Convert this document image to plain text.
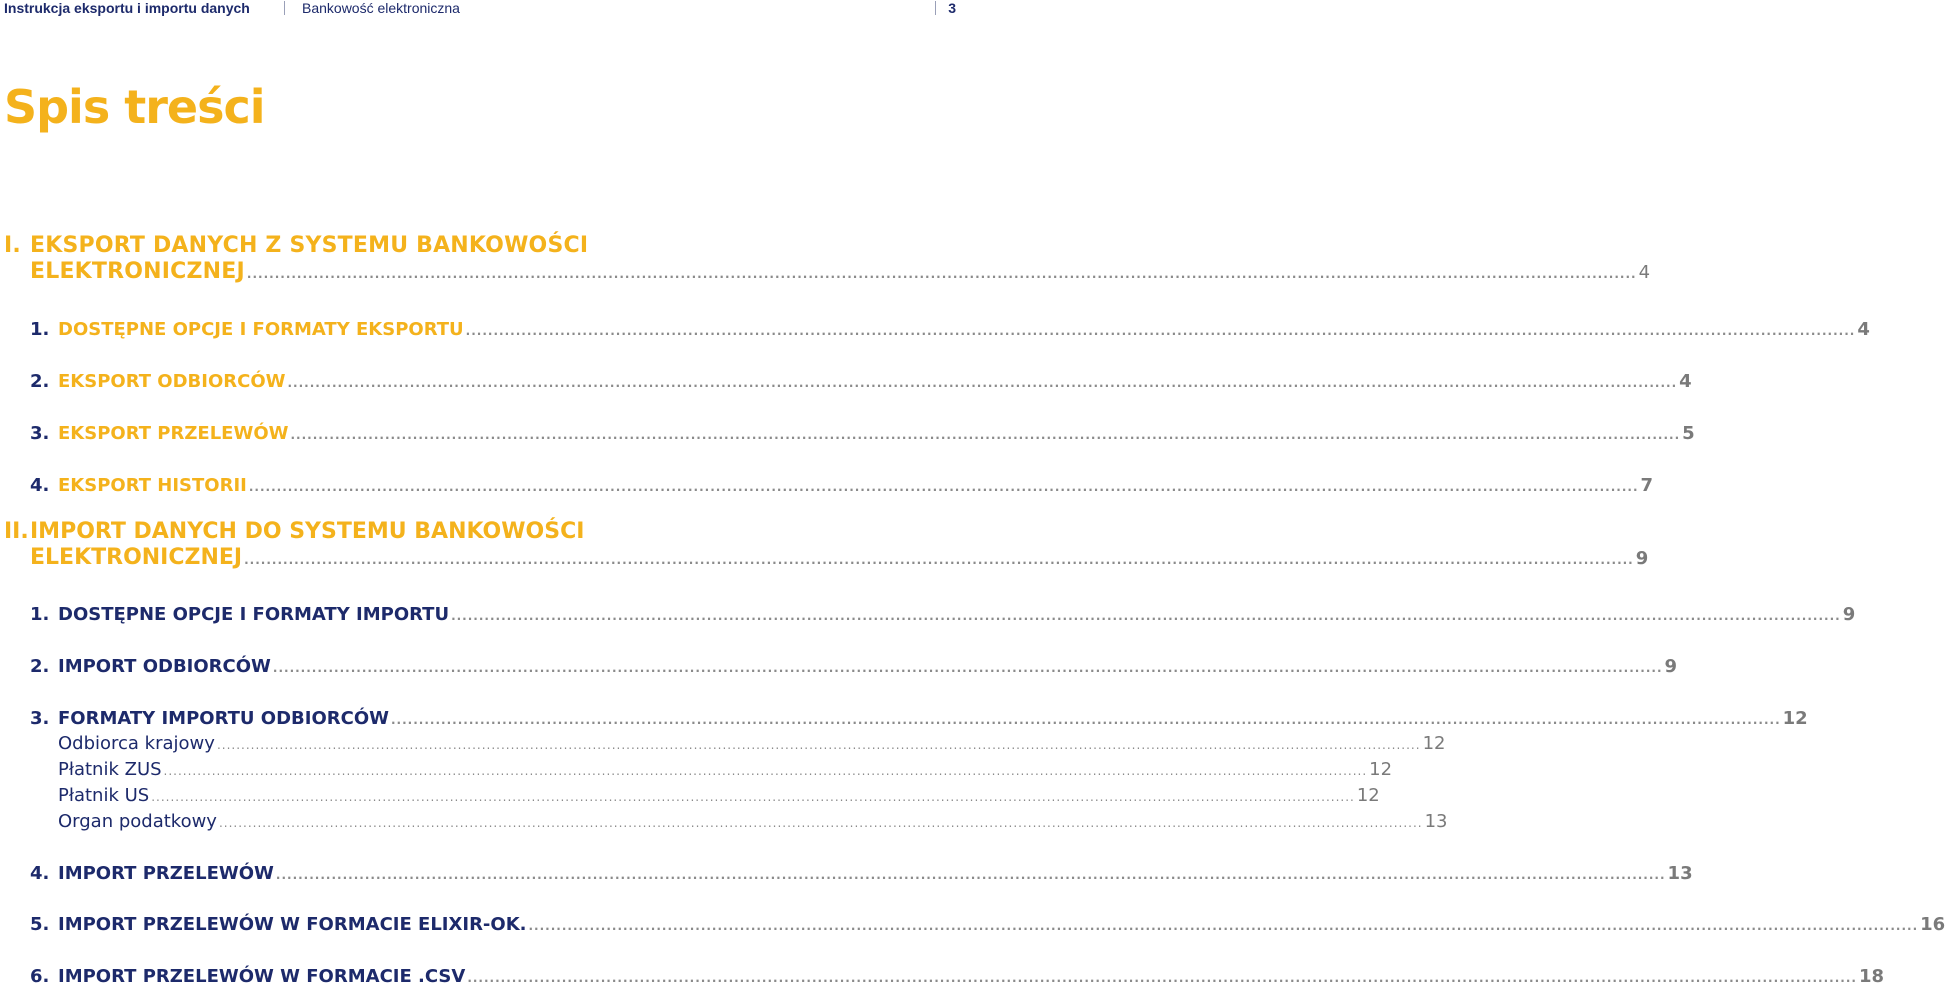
Instrukcja eksportu i importu danych	Bankowość elektroniczna	3
Spis treści
I. EKSPORT DANYCH Z SYSTEMU BANKOWOŚCI
ELEKTRONICZNEJ .......................................................................................................................................................................................................................................................... 4
1. DOSTĘPNE OPCJE I FORMATY EKSPORTU .......................................................................................................................................................................................................................................................... 4
2. EKSPORT ODBIORCÓW .......................................................................................................................................................................................................................................................... 4
3. EKSPORT PRZELEWÓW .......................................................................................................................................................................................................................................................... 5
4. EKSPORT HISTORII .......................................................................................................................................................................................................................................................... 7
II. IMPORT DANYCH DO SYSTEMU BANKOWOŚCI
ELEKTRONICZNEJ .......................................................................................................................................................................................................................................................... 9
1. DOSTĘPNE OPCJE I FORMATY IMPORTU .......................................................................................................................................................................................................................................................... 9
2. IMPORT ODBIORCÓW .......................................................................................................................................................................................................................................................... 9
3. FORMATY IMPORTU ODBIORCÓW .......................................................................................................................................................................................................................................................... 12
Odbiorca krajowy .......................................................................................................................................................................................................................................................... 12
Płatnik ZUS .......................................................................................................................................................................................................................................................... 12
Płatnik US .......................................................................................................................................................................................................................................................... 12
Organ podatkowy .......................................................................................................................................................................................................................................................... 13
4. IMPORT PRZELEWÓW .......................................................................................................................................................................................................................................................... 13
5. IMPORT PRZELEWÓW W FORMACIE ELIXIR-OK. .......................................................................................................................................................................................................................................................... 16
6. IMPORT PRZELEWÓW W FORMACIE .CSV .......................................................................................................................................................................................................................................................... 18
